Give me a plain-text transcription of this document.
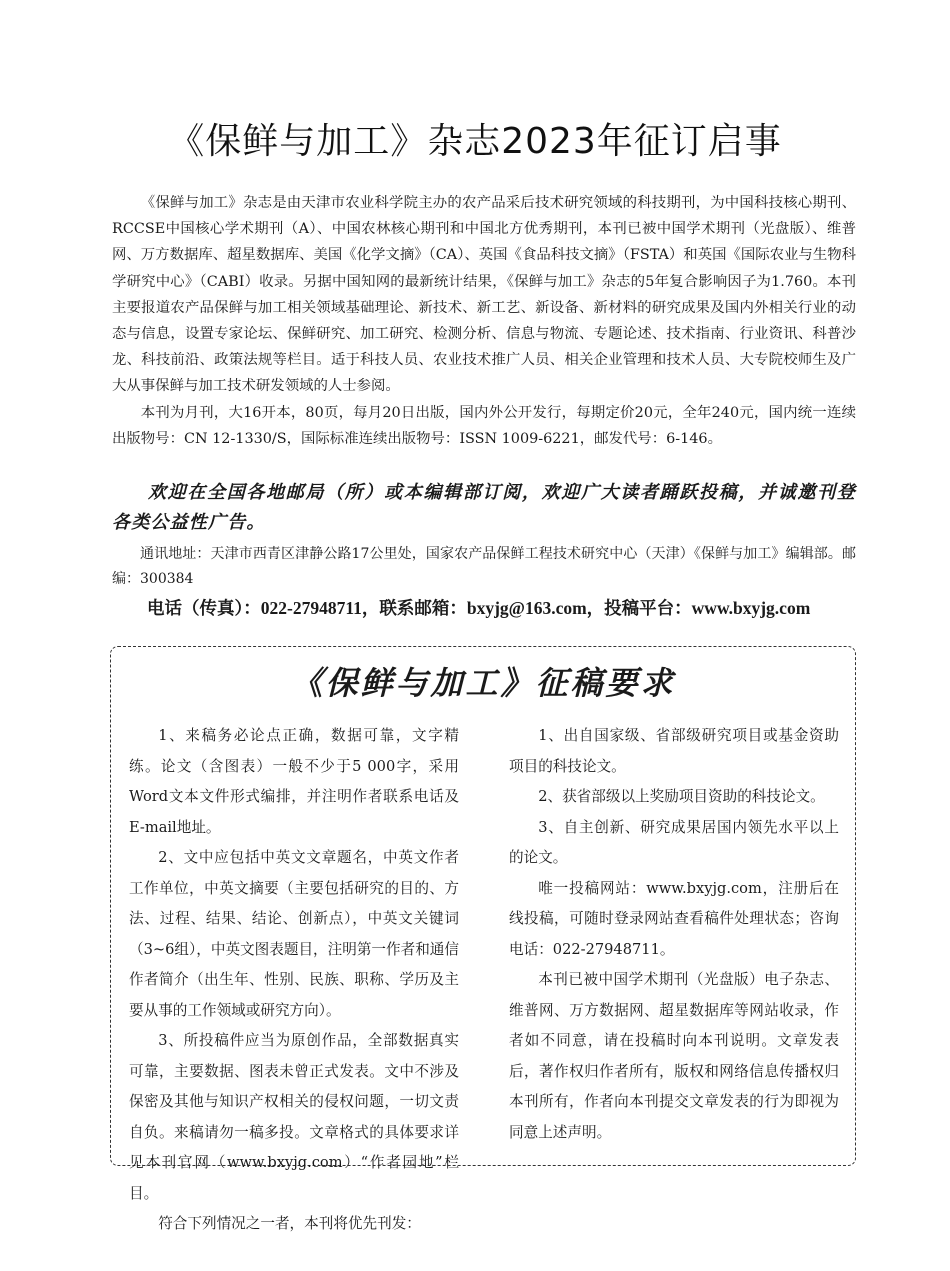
《保鲜与加工》杂志2023年征订启事

《保鲜与加工》杂志是由天津市农业科学院主办的农产品采后技术研究领域的科技期刊，为中国科技核心期刊、RCCSE中国核心学术期刊（A）、中国农林核心期刊和中国北方优秀期刊，本刊已被中国学术期刊（光盘版）、维普网、万方数据库、超星数据库、美国《化学文摘》（CA）、英国《食品科技文摘》（FSTA）和英国《国际农业与生物科学研究中心》（CABI）收录。另据中国知网的最新统计结果，《保鲜与加工》杂志的5年复合影响因子为1.760。本刊主要报道农产品保鲜与加工相关领域基础理论、新技术、新工艺、新设备、新材料的研究成果及国内外相关行业的动态与信息，设置专家论坛、保鲜研究、加工研究、检测分析、信息与物流、专题论述、技术指南、行业资讯、科普沙龙、科技前沿、政策法规等栏目。适于科技人员、农业技术推广人员、相关企业管理和技术人员、大专院校师生及广大从事保鲜与加工技术研发领域的人士参阅。

本刊为月刊，大16开本，80页，每月20日出版，国内外公开发行，每期定价20元，全年240元，国内统一连续出版物号：CN 12-1330/S，国际标准连续出版物号：ISSN 1009-6221，邮发代号：6-146。

欢迎在全国各地邮局（所）或本编辑部订阅，欢迎广大读者踊跃投稿，并诚邀刊登各类公益性广告。
通讯地址：天津市西青区津静公路17公里处，国家农产品保鲜工程技术研究中心（天津）《保鲜与加工》编辑部。邮编：300384
电话（传真）：022-27948711，联系邮箱：bxyjg@163.com，投稿平台：www.bxyjg.com
《保鲜与加工》征稿要求

1、来稿务必论点正确，数据可靠，文字精练。论文（含图表）一般不少于5 000字，采用Word文本文件形式编排，并注明作者联系电话及E-mail地址。

2、文中应包括中英文文章题名，中英文作者工作单位，中英文摘要（主要包括研究的目的、方法、过程、结果、结论、创新点），中英文关键词（3~6组），中英文图表题目，注明第一作者和通信作者简介（出生年、性别、民族、职称、学历及主要从事的工作领域或研究方向）。

3、所投稿件应当为原创作品，全部数据真实可靠，主要数据、图表未曾正式发表。文中不涉及保密及其他与知识产权相关的侵权问题，一切文责自负。来稿请勿一稿多投。文章格式的具体要求详见本刊官网（www.bxyjg.com）“作者园地”栏目。

符合下列情况之一者，本刊将优先刊发：

1、出自国家级、省部级研究项目或基金资助项目的科技论文。

2、获省部级以上奖励项目资助的科技论文。

3、自主创新、研究成果居国内领先水平以上的论文。

唯一投稿网站：www.bxyjg.com，注册后在线投稿，可随时登录网站查看稿件处理状态；咨询电话：022-27948711。

本刊已被中国学术期刊（光盘版）电子杂志、维普网、万方数据网、超星数据库等网站收录，作者如不同意，请在投稿时向本刊说明。文章发表后，著作权归作者所有，版权和网络信息传播权归本刊所有，作者向本刊提交文章发表的行为即视为同意上述声明。
